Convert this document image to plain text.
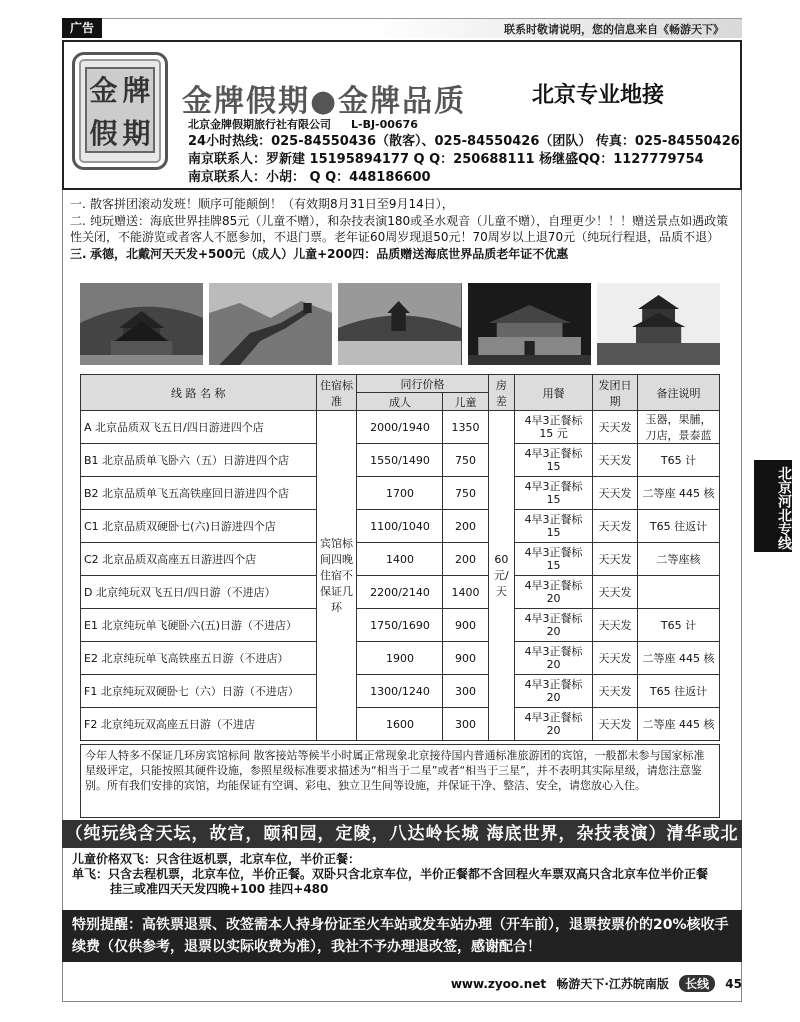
广告	联系时敬请说明，您的信息来自《畅游天下》
金 牌
假 期
金牌假期●金牌品质	北京专业地接
北京金牌假期旅行社有限公司 L-BJ-00676
24小时热线：025-84550436（散客）、025-84550426（团队） 传真：025-84550426
南京联系人：罗新建 15195894177 Q Q：250688111 杨继盛QQ：1127779754
南京联系人：小胡： Q Q：448186600
一. 散客拼团滚动发班！顺序可能颠倒！（有效期8月31日至9月14日），
二. 纯玩赠送：海底世界挂牌85元（儿童不赠），和杂技表演180或圣水观音（儿童不赠），自理更少！！！赠送景点如遇政策性关闭，不能游览或者客人不愿参加，不退门票。老年证60周岁现退50元！70周岁以上退70元（纯玩行程退，品质不退）
三. 承德，北戴河天天发+500元（成人）儿童+200四：品质赠送海底世界品质老年证不优惠
线 路 名 称	住宿标准	同行价格		房差	用餐	发团日期	备注说明
		成人	儿童				
A 北京品质双飞五日/四日游进四个店	宾馆标间四晚住宿不保证几环	2000/1940	1350	60元/天	4早3正餐标 15 元	天天发	玉器，果脯，刀店，景泰蓝
B1 北京品质单飞卧六（五）日游进四个店		1550/1490	750		4早3正餐标 15	天天发	T65 计
B2 北京品质单飞五高铁座回日游进四个店		1700	750		4早3正餐标 15	天天发	二等座 445 核
C1 北京品质双硬卧七(六)日游进四个店		1100/1040	200		4早3正餐标 15	天天发	T65 往返计
C2 北京品质双高座五日游进四个店		1400	200		4早3正餐标 15	天天发	二等座核
D 北京纯玩双飞五日/四日游（不进店）		2200/2140	1400		4早3正餐标 20	天天发	
E1 北京纯玩单飞硬卧六(五)日游（不进店）		1750/1690	900		4早3正餐标 20	天天发	T65 计
E2 北京纯玩单飞高铁座五日游（不进店）		1900	900		4早3正餐标 20	天天发	二等座 445 核
F1 北京纯玩双硬卧七（六）日游（不进店）		1300/1240	300		4早3正餐标 20	天天发	T65 往返计
F2 北京纯玩双高座五日游（不进店		1600	300		4早3正餐标 20	天天发	二等座 445 核
今年人特多不保证几环房宾馆标间 散客接站等候半小时属正常现象北京接待国内普通标准旅游团的宾馆，一般都未参与国家标准星级评定，只能按照其硬件设施，参照星级标准要求描述为“相当于二星”或者“相当于三星”，并不表明其实际星级，请您注意鉴别。所有我们安排的宾馆，均能保证有空调、彩电、独立卫生间等设施，并保证干净、整洁、安全，请您放心入住。
（纯玩线含天坛，故宫，颐和园，定陵，八达岭长城 海底世界，杂技表演）清华或北大门票
儿童价格双飞：只含往返机票，北京车位，半价正餐：
单飞：只含去程机票，北京车位，半价正餐。双卧只含北京车位，半价正餐都不含回程火车票双高只含北京车位半价正餐
挂三或准四天天发四晚+100 挂四+480
特别提醒：高铁票退票、改签需本人持身份证至火车站或发车站办理（开车前），退票按票价的20%核收手续费（仅供参考，退票以实际收费为准），我社不予办理退改签，感谢配合！
北京河北专线
www.zyoo.net 畅游天下·江苏皖南版 长线 45
